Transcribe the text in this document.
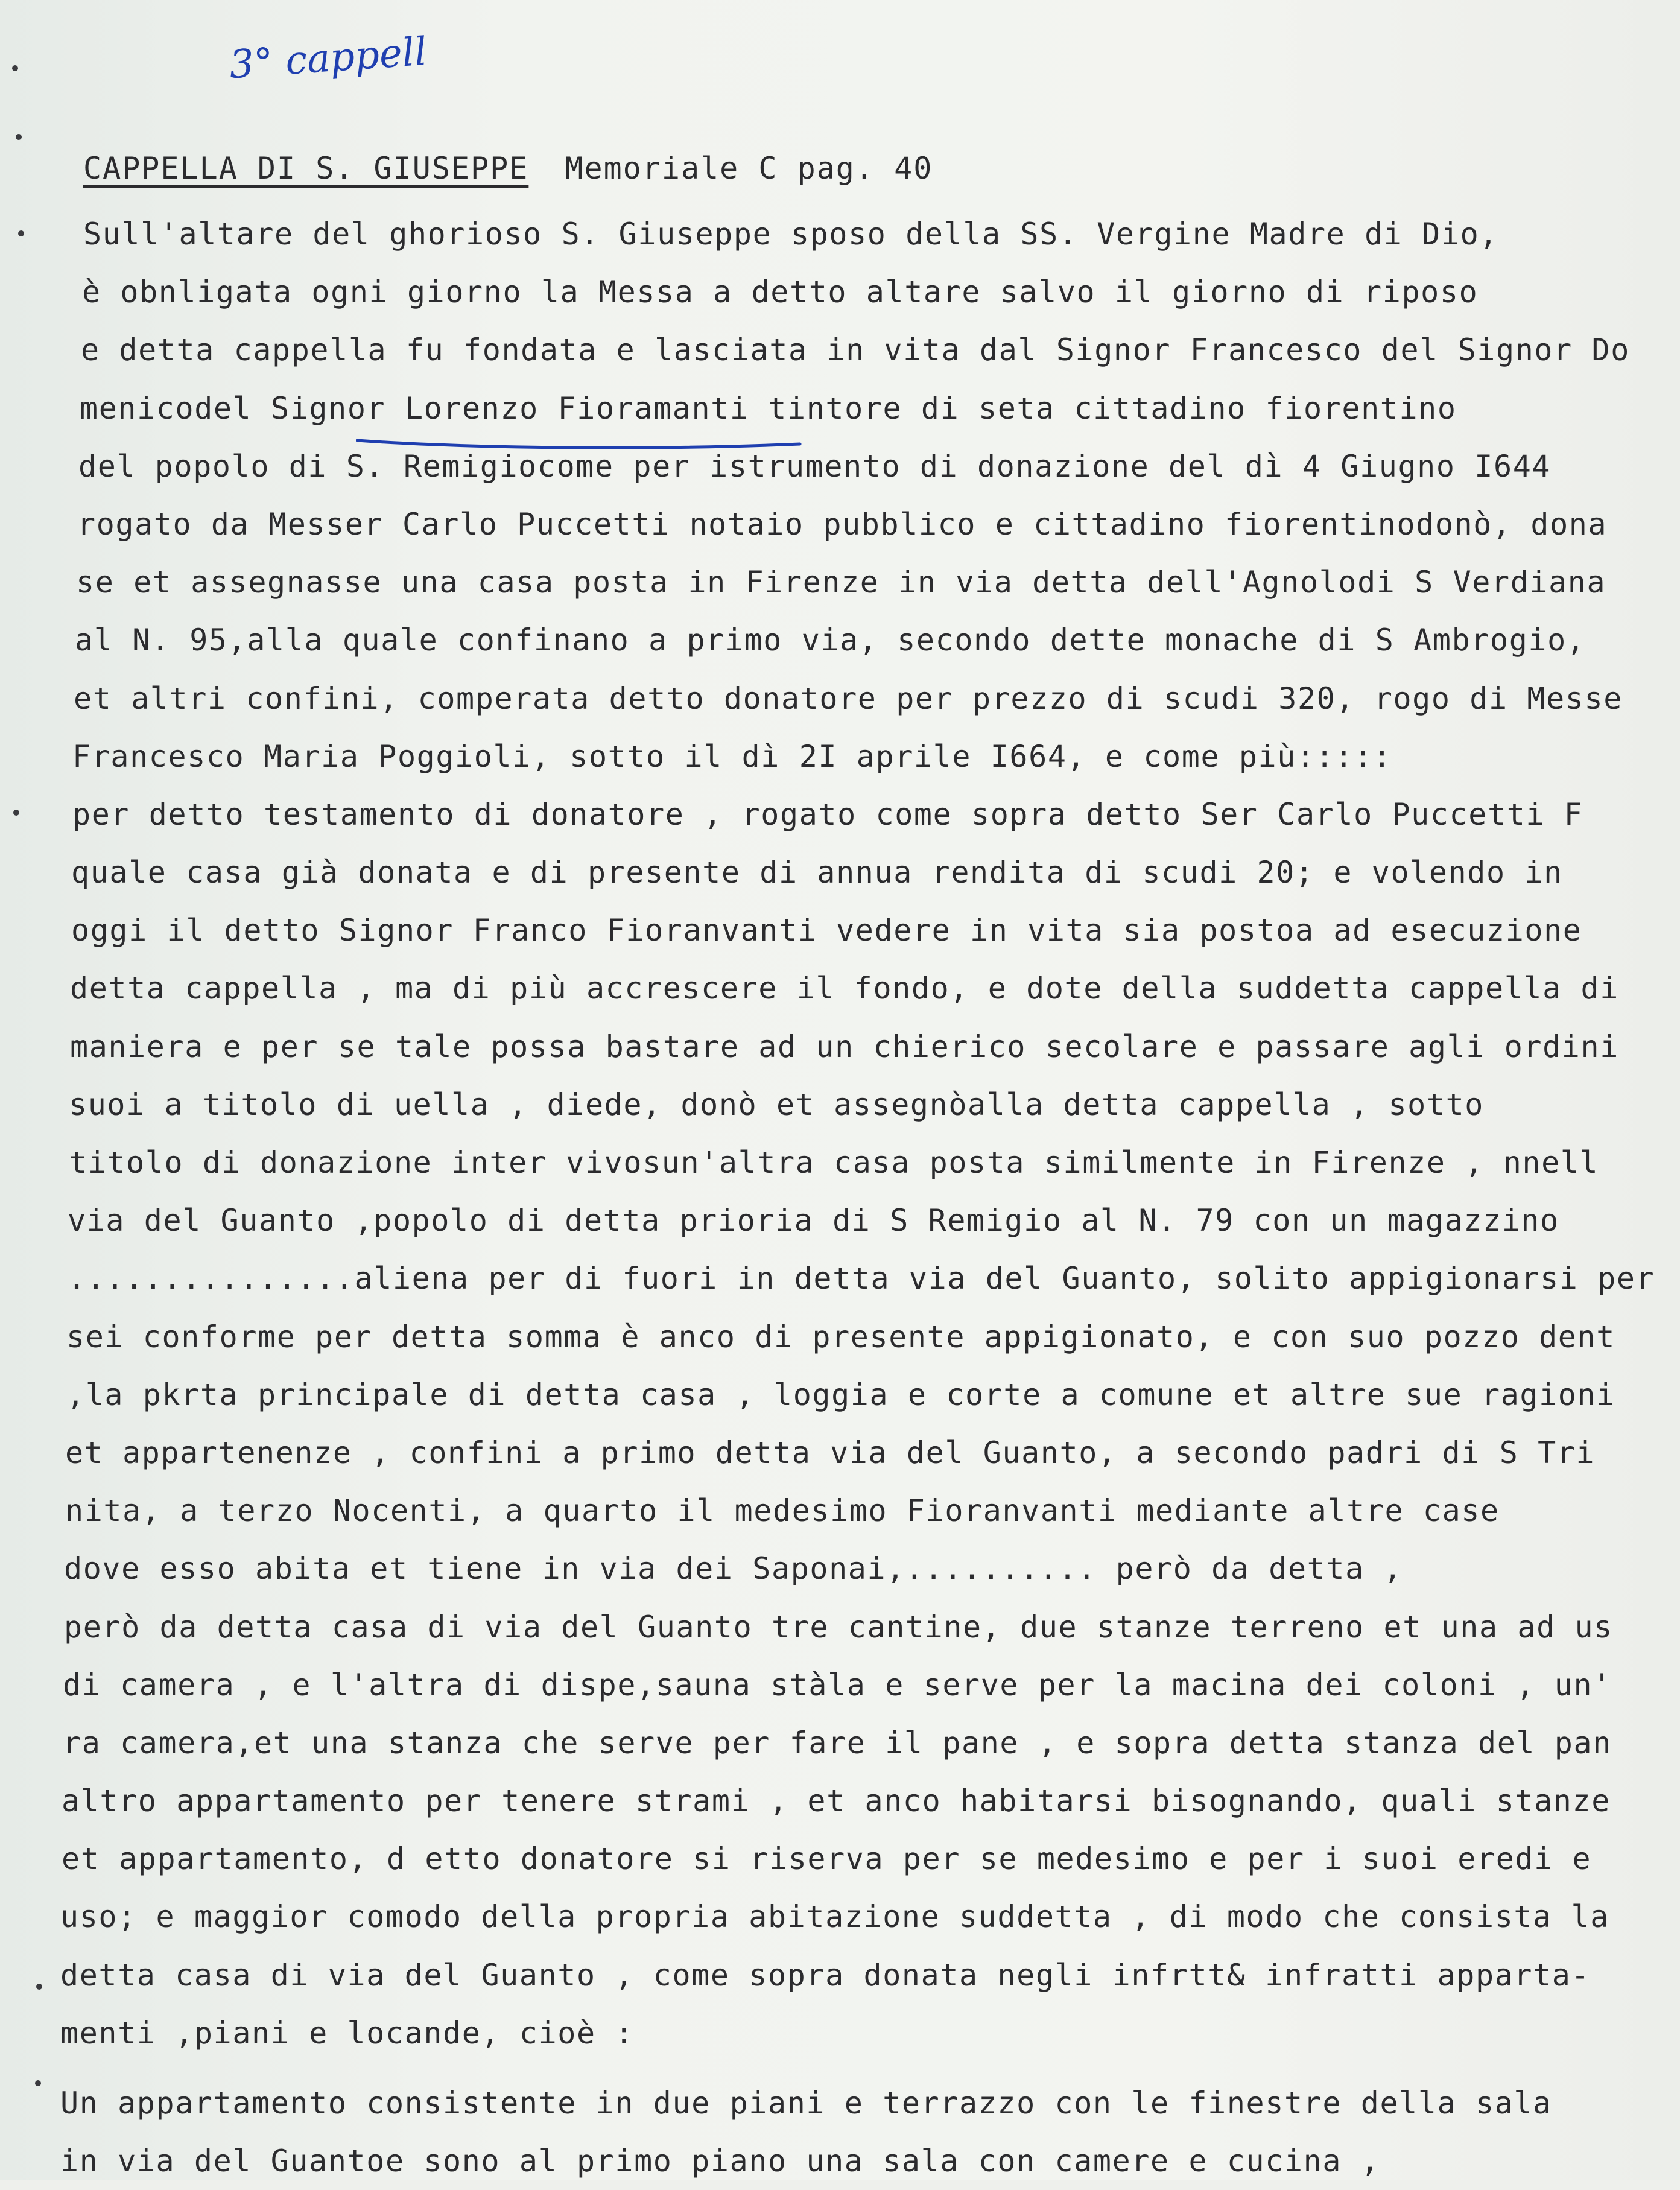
3° cappell
CAPPELLA DI S. GIUSEPPE Memoriale C pag. 40
Sull'altare del ghorioso S. Giuseppe sposo della SS. Vergine Madre di Dio,
è obnligata ogni giorno la Messa a detto altare salvo il giorno di riposo
e detta cappella fu fondata e lasciata in vita dal Signor Francesco del Signor Do
menicodel Signor Lorenzo Fioramanti tintore di seta cittadino fiorentino
del popolo di S. Remigiocome per istrumento di donazione del dì 4 Giugno I644
rogato da Messer Carlo Puccetti notaio pubblico e cittadino fiorentinodonò, dona
se et assegnasse una casa posta in Firenze in via detta dell'Agnolodi S Verdiana
al N. 95,alla quale confinano a primo via, secondo dette monache di S Ambrogio,
et altri confini, comperata detto donatore per prezzo di scudi 320, rogo di Messe
Francesco Maria Poggioli, sotto il dì 2I aprile I664, e come più:::::
per detto testamento di donatore , rogato come sopra detto Ser Carlo Puccetti F
quale casa già donata e di presente di annua rendita di scudi 20; e volendo in
oggi il detto Signor Franco Fioranvanti vedere in vita sia postoa ad esecuzione
detta cappella , ma di più accrescere il fondo, e dote della suddetta cappella di
maniera e per se tale possa bastare ad un chierico secolare e passare agli ordini
suoi a titolo di uella , diede, donò et assegnòalla detta cappella , sotto
titolo di donazione inter vivosun'altra casa posta similmente in Firenze , nnell
via del Guanto ,popolo di detta prioria di S Remigio al N. 79 con un magazzino
...............aliena per di fuori in detta via del Guanto, solito appigionarsi per
sei conforme per detta somma è anco di presente appigionato, e con suo pozzo dent
,la pkrta principale di detta casa , loggia e corte a comune et altre sue ragioni
et appartenenze , confini a primo detta via del Guanto, a secondo padri di S Tri
nita, a terzo Nocenti, a quarto il medesimo Fioranvanti mediante altre case
dove esso abita et tiene in via dei Saponai,.......... però da detta ,
però da detta casa di via del Guanto tre cantine, due stanze terreno et una ad us
di camera , e l'altra di dispe,sauna stàla e serve per la macina dei coloni , un'
ra camera,et una stanza che serve per fare il pane , e sopra detta stanza del pan
altro appartamento per tenere strami , et anco habitarsi bisognando, quali stanze
et appartamento, d etto donatore si riserva per se medesimo e per i suoi eredi e
uso; e maggior comodo della propria abitazione suddetta , di modo che consista la
detta casa di via del Guanto , come sopra donata negli infrtt& infratti apparta-
menti ,piani e locande, cioè :
Un appartamento consistente in due piani e terrazzo con le finestre della sala
in via del Guantoe sono al primo piano una sala con camere e cucina ,
